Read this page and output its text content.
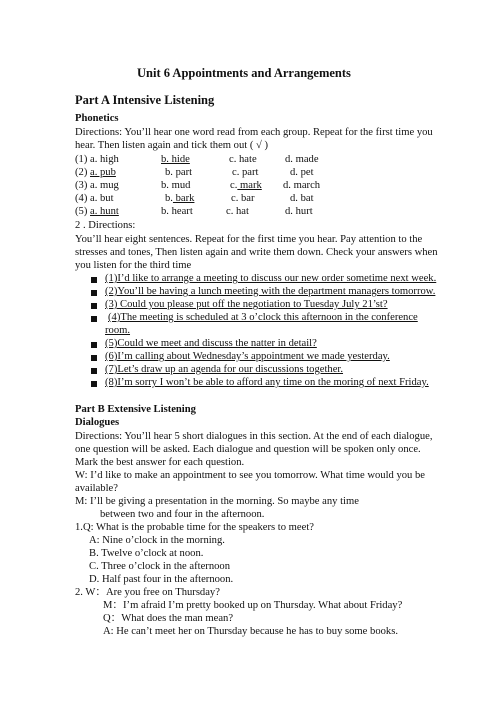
Unit 6 Appointments and Arrangements
Part A Intensive Listening
Phonetics
Directions: You’ll hear one word read from each group. Repeat for the first time you
hear. Then listen again and tick them out ( √ )
(1) a. high	b. hide	c. hate	d. made
(2) a. pub	b. part	c. part	d. pet
(3) a. mug	b. mud	c. mark d. march
(4) a. but	b. bark	c. bar	d. bat
(5) a. hunt	b. heart	c. hat	d. hurt
2 . Directions:
You’ll hear eight sentences. Repeat for the first time you hear. Pay attention to the
stresses and tones, Then listen again and write them down. Check your answers when
you listen for the third time
(1)I’d like to arrange a meeting to discuss our new order sometime next week.
(2)You’ll be having a lunch meeting with the department managers tomorrow.
(3) Could you please put off the negotiation to Tuesday July 21’st?
(4)The meeting is scheduled at 3 o’clock this afternoon in the conference
room.
(5)Could we meet and discuss the natter in detail?
(6)I’m calling about Wednesday’s appointment we made yesterday.
(7)Let’s draw up an agenda for our discussions together.
(8)I’m sorry I won’t be able to afford any time on the moring of next Friday.
Part B Extensive Listening
Dialogues
Directions: You’ll hear 5 short dialogues in this section. At the end of each dialogue,
one question will be asked. Each dialogue and question will be spoken only once.
Mark the best answer for each question.
W: I’d like to make an appointment to see you tomorrow. What time would you be
available?
M: I’ll be giving a presentation in the morning. So maybe any time
between two and four in the afternoon.
1.Q: What is the probable time for the speakers to meet?
A: Nine o’clock in the morning.
B. Twelve o’clock at noon.
C. Three o’clock in the afternoon
D. Half past four in the afternoon.
2. W：Are you free on Thursday?
M：I’m afraid I’m pretty booked up on Thursday. What about Friday?
Q：What does the man mean?
A: He can’t meet her on Thursday because he has to buy some books.
